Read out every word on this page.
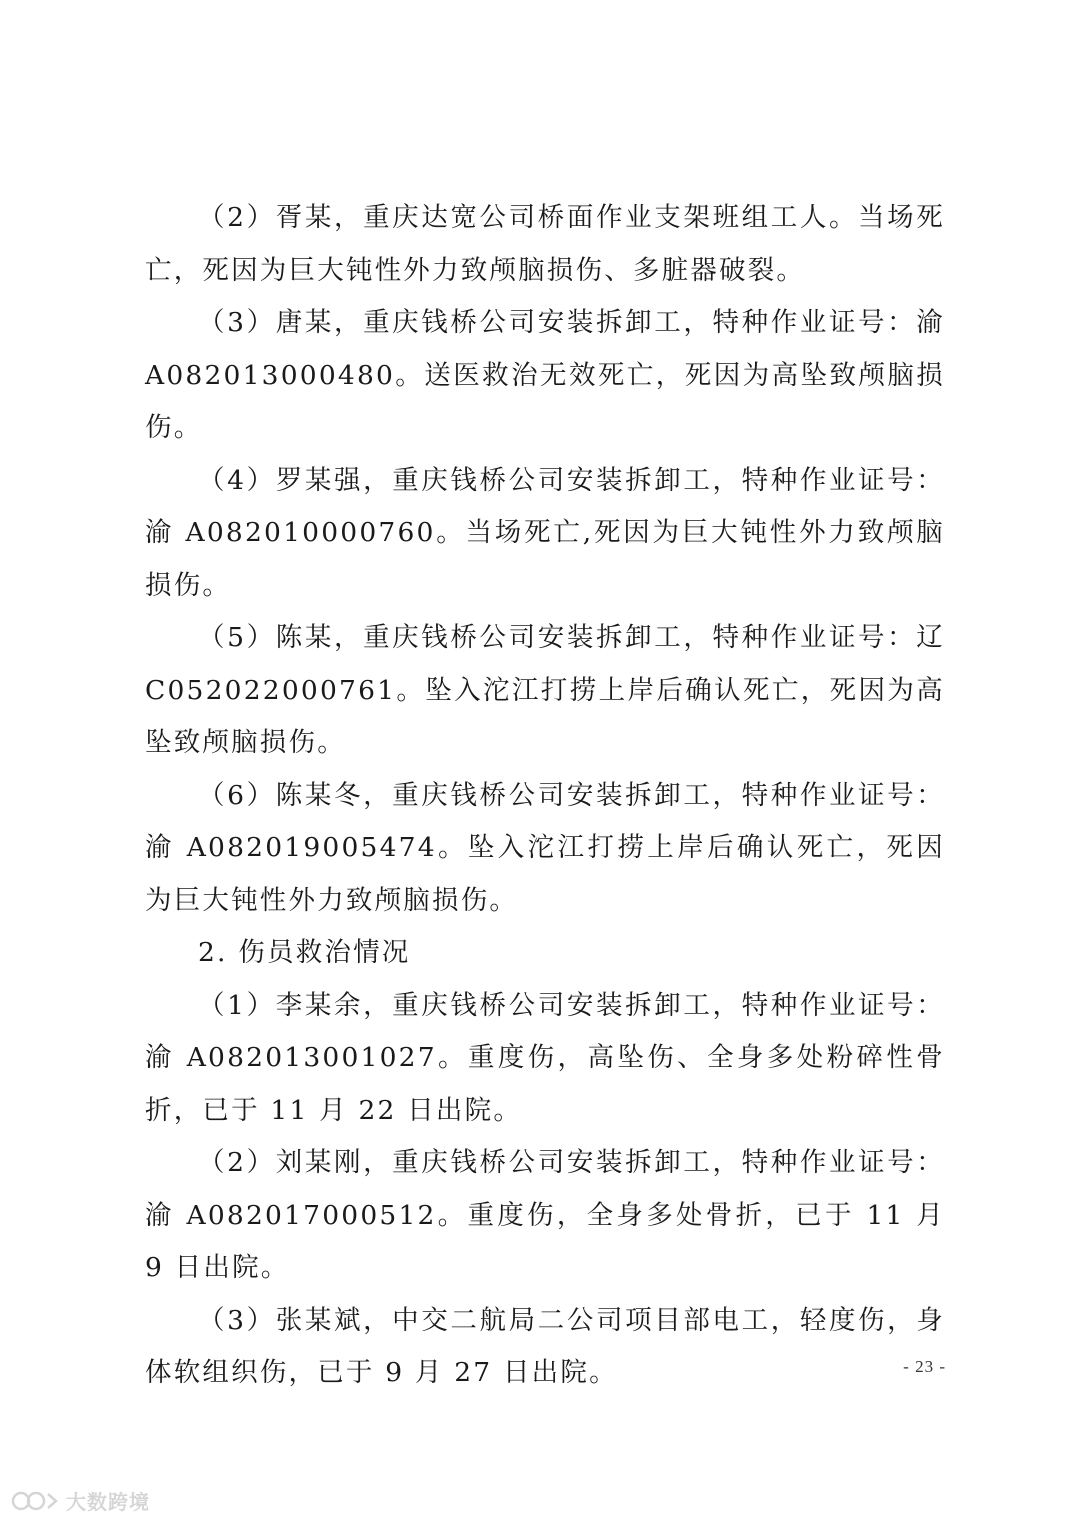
（2）胥某，重庆达宽公司桥面作业支架班组工人。当场死亡，死因为巨大钝性外力致颅脑损伤、多脏器破裂。

（3）唐某，重庆钱桥公司安装拆卸工，特种作业证号：渝A082013000480。送医救治无效死亡，死因为高坠致颅脑损伤。

（4）罗某强，重庆钱桥公司安装拆卸工，特种作业证号：渝 A082010000760。当场死亡,死因为巨大钝性外力致颅脑损伤。

（5）陈某，重庆钱桥公司安装拆卸工，特种作业证号：辽C052022000761。坠入沱江打捞上岸后确认死亡，死因为高坠致颅脑损伤。

（6）陈某冬，重庆钱桥公司安装拆卸工，特种作业证号：渝 A082019005474。坠入沱江打捞上岸后确认死亡，死因为巨大钝性外力致颅脑损伤。

2. 伤员救治情况

（1）李某余，重庆钱桥公司安装拆卸工，特种作业证号：渝 A082013001027。重度伤，高坠伤、全身多处粉碎性骨折，已于 11 月 22 日出院。

（2）刘某刚，重庆钱桥公司安装拆卸工，特种作业证号：渝 A082017000512。重度伤，全身多处骨折，已于 11 月 9 日出院。

（3）张某斌，中交二航局二公司项目部电工，轻度伤，身体软组织伤，已于 9 月 27 日出院。	- 23 -
大数跨境
